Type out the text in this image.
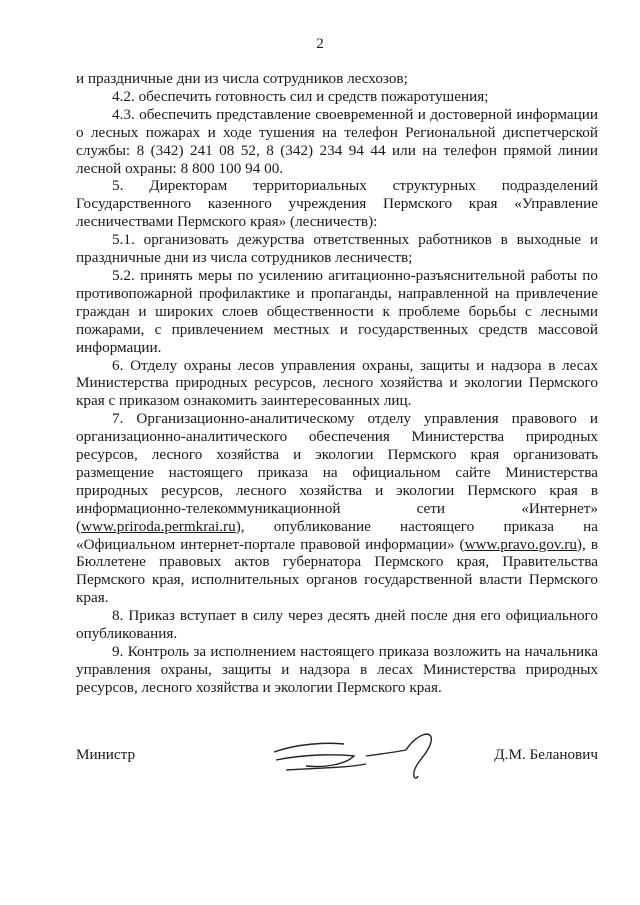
2

и праздничные дни из числа сотрудников лесхозов;

4.2. обеспечить готовность сил и средств пожаротушения;

4.3. обеспечить представление своевременной и достоверной информации о лесных пожарах и ходе тушения на телефон Региональной диспетчерской службы: 8 (342) 241 08 52, 8 (342) 234 94 44 или на телефон прямой линии лесной охраны: 8 800 100 94 00.

5. Директорам территориальных структурных подразделений Государственного казенного учреждения Пермского края «Управление лесничествами Пермского края» (лесничеств):

5.1. организовать дежурства ответственных работников в выходные и праздничные дни из числа сотрудников лесничеств;

5.2. принять меры по усилению агитационно-разъяснительной работы по противопожарной профилактике и пропаганды, направленной на привлечение граждан и широких слоев общественности к проблеме борьбы с лесными пожарами, с привлечением местных и государственных средств массовой информации.

6. Отделу охраны лесов управления охраны, защиты и надзора в лесах Министерства природных ресурсов, лесного хозяйства и экологии Пермского края с приказом ознакомить заинтересованных лиц.

7. Организационно-аналитическому отделу управления правового и организационно-аналитического обеспечения Министерства природных ресурсов, лесного хозяйства и экологии Пермского края организовать размещение настоящего приказа на официальном сайте Министерства природных ресурсов, лесного хозяйства и экологии Пермского края в информационно-телекоммуникационной сети «Интернет» (www.priroda.permkrai.ru), опубликование настоящего приказа на «Официальном интернет-портале правовой информации» (www.pravo.gov.ru), в Бюллетене правовых актов губернатора Пермского края, Правительства Пермского края, исполнительных органов государственной власти Пермского края.

8. Приказ вступает в силу через десять дней после дня его официального опубликования.

9. Контроль за исполнением настоящего приказа возложить на начальника управления охраны, защиты и надзора в лесах Министерства природных ресурсов, лесного хозяйства и экологии Пермского края.

Министр	Д.М. Беланович
